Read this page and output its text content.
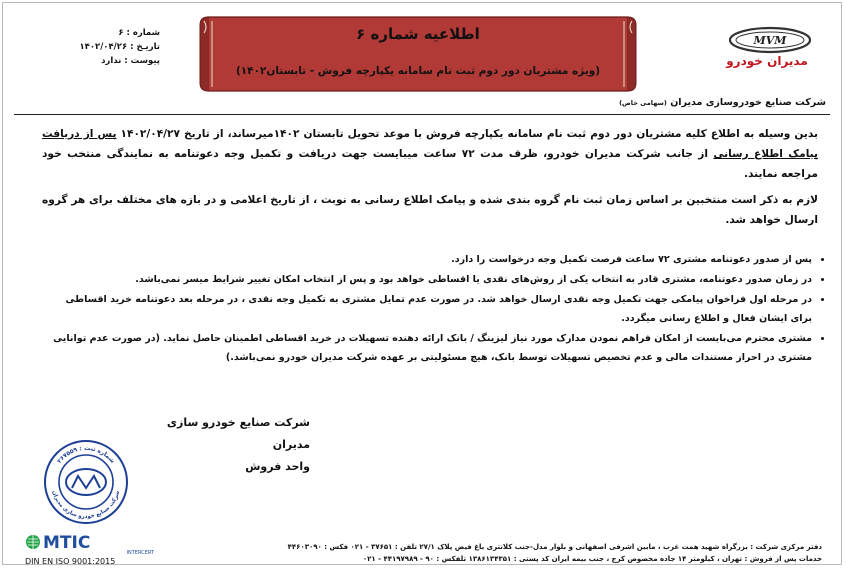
شماره : ۶
تاریـخ : ۱۴۰۲/۰۴/۲۶
پیوست : ندارد
اطلاعیه شماره ۶
(ویژه مشتریان دور دوم ثبت نام سامانه یکپارچه فروش - تابستان۱۴۰۲)
MVM
مدیران خودرو
شرکت صنایع خودروسازی مدیران (سهامی خاص)

بدین وسیله به اطلاع کلیه مشتریان دور دوم ثبت نام سامانه یکپارچه فروش با موعد تحویل تابستان ۱۴۰۲میرساند، از تاریخ ۱۴۰۲/۰۴/۲۷ پس از دریافت پیامک اطلاع رسانی از جانب شرکت مدیران خودرو، ظرف مدت ۷۲ ساعت میبایست جهت دریافت و تکمیل وجه دعوتنامه به نمایندگی منتخب خود مراجعه نمایند.

لازم به ذکر است منتخبین بر اساس زمان ثبت نام گروه بندی شده و پیامک اطلاع رسانی به نوبت ، از تاریخ اعلامی و در بازه های مختلف برای هر گروه ارسال خواهد شد.

• پس از صدور دعوتنامه مشتری ۷۲ ساعت فرصت تکمیل وجه درخواست را دارد.
• در زمان صدور دعوتنامه، مشتری قادر به انتخاب یکی از روش‌های نقدی یا اقساطی خواهد بود و پس از انتخاب امکان تغییر شرایط میسر نمی‌باشد.
• در مرحله اول فراخوان پیامکی جهت تکمیل وجه نقدی ارسال خواهد شد. در صورت عدم تمایل مشتری به تکمیل وجه نقدی ، در مرحله بعد دعوتنامه خرید اقساطی برای ایشان فعال و اطلاع رسانی میگردد.
• مشتری محترم می‌بایست از امکان فراهم نمودن مدارک مورد نیاز لیزینگ / بانک ارائه دهنده تسهیلات در خرید اقساطی اطمینان حاصل نماید. (در صورت عدم توانایی مشتری در احراز مستندات مالی و عدم تخصیص تسهیلات توسط بانک، هیچ مسئولیتی بر عهده شرکت مدیران خودرو نمی‌باشد.)
شرکت صنایع خودرو سازی مدیران
واحد فروش
شماره ثبت : ۲۶۷۵۵۹
شرکت صنایع خودرو سازی مدیران
MTIC	INTERCERT
DIN EN ISO 9001:2015
دفتر مرکزی شرکت : بزرگراه شهید همت غرب ، مابین اشرفی اصفهانی و بلوار مدل-جنب کلانتری باغ فیض پلاک ۲۷/۱ تلفن : ۳۷۶۵۱ - ۰۲۱ فکس : ۴۴۶۰۳۰۹۰
خدمات پس از فروش : تهران ، کیلومتر ۱۴ جاده مخصوص کرج ، جنب بیمه ایران کد پستی : ۱۳۸۶۱۳۴۳۵۱ تلفکس : ۹۰ - ۴۴۱۹۷۹۸۹ - ۰۲۱
